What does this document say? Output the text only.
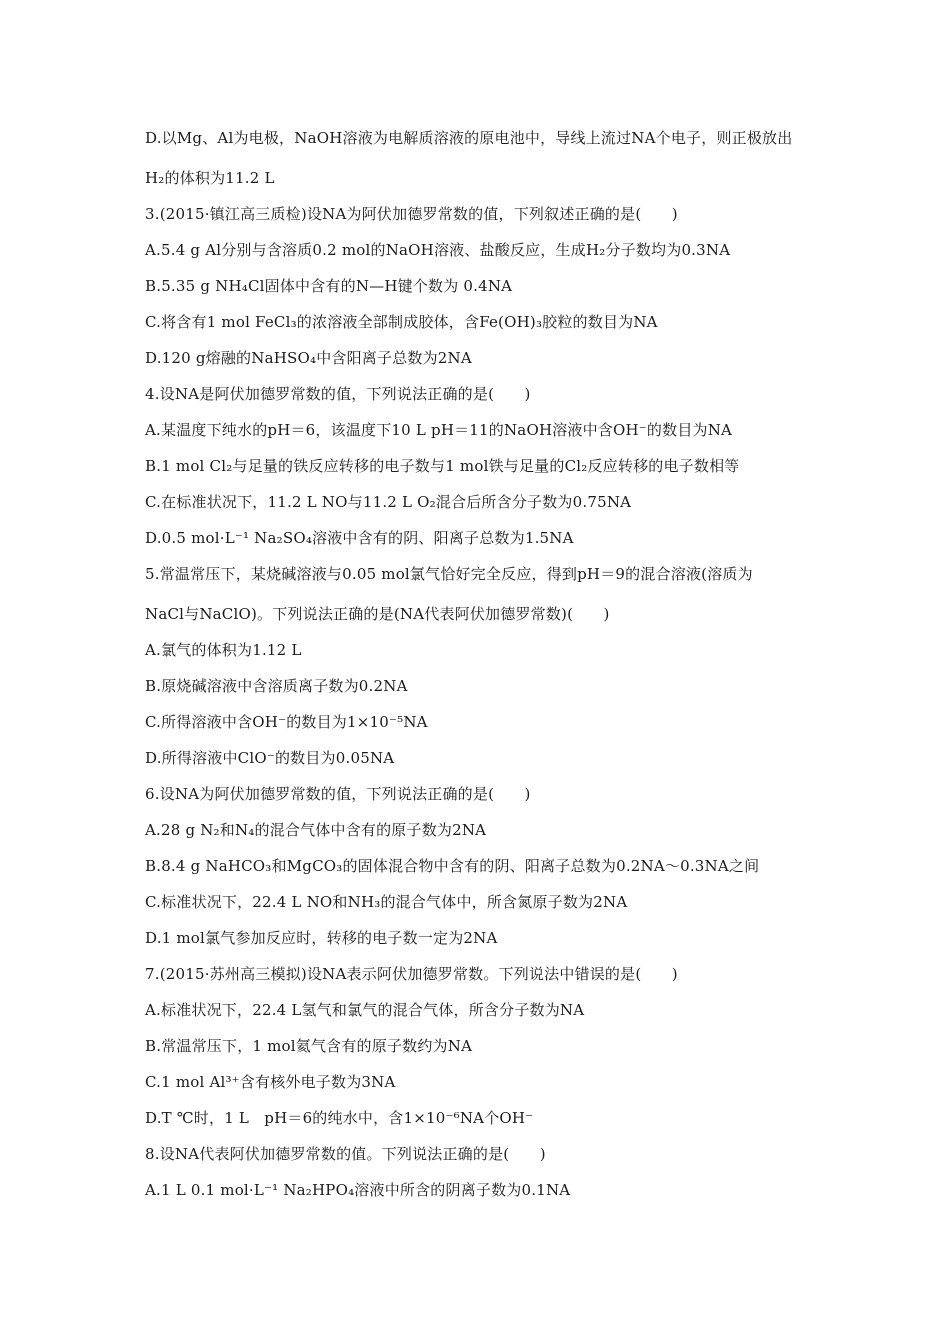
D.以Mg、Al为电极，NaOH溶液为电解质溶液的原电池中，导线上流过NA个电子，则正极放出
H₂的体积为11.2 L
3.(2015·镇江高三质检)设NA为阿伏加德罗常数的值，下列叙述正确的是(　　)
A.5.4 g Al分别与含溶质0.2 mol的NaOH溶液、盐酸反应，生成H₂分子数均为0.3NA
B.5.35 g NH₄Cl固体中含有的N—H键个数为 0.4NA
C.将含有1 mol FeCl₃的浓溶液全部制成胶体，含Fe(OH)₃胶粒的数目为NA
D.120 g熔融的NaHSO₄中含阳离子总数为2NA
4.设NA是阿伏加德罗常数的值，下列说法正确的是(　　)
A.某温度下纯水的pH＝6，该温度下10 L pH＝11的NaOH溶液中含OH⁻的数目为NA
B.1 mol Cl₂与足量的铁反应转移的电子数与1 mol铁与足量的Cl₂反应转移的电子数相等
C.在标准状况下，11.2 L NO与11.2 L O₂混合后所含分子数为0.75NA
D.0.5 mol·L⁻¹ Na₂SO₄溶液中含有的阴、阳离子总数为1.5NA
5.常温常压下，某烧碱溶液与0.05 mol氯气恰好完全反应，得到pH＝9的混合溶液(溶质为
NaCl与NaClO)。下列说法正确的是(NA代表阿伏加德罗常数)(　　)
A.氯气的体积为1.12 L
B.原烧碱溶液中含溶质离子数为0.2NA
C.所得溶液中含OH⁻的数目为1×10⁻⁵NA
D.所得溶液中ClO⁻的数目为0.05NA
6.设NA为阿伏加德罗常数的值，下列说法正确的是(　　)
A.28 g N₂和N₄的混合气体中含有的原子数为2NA
B.8.4 g NaHCO₃和MgCO₃的固体混合物中含有的阴、阳离子总数为0.2NA～0.3NA之间
C.标准状况下，22.4 L NO和NH₃的混合气体中，所含氮原子数为2NA
D.1 mol氯气参加反应时，转移的电子数一定为2NA
7.(2015·苏州高三模拟)设NA表示阿伏加德罗常数。下列说法中错误的是(　　)
A.标准状况下，22.4 L氢气和氯气的混合气体，所含分子数为NA
B.常温常压下，1 mol氦气含有的原子数约为NA
C.1 mol Al³⁺含有核外电子数为3NA
D.T ℃时，1 L　pH＝6的纯水中，含1×10⁻⁶NA个OH⁻
8.设NA代表阿伏加德罗常数的值。下列说法正确的是(　　)
A.1 L 0.1 mol·L⁻¹ Na₂HPO₄溶液中所含的阴离子数为0.1NA
